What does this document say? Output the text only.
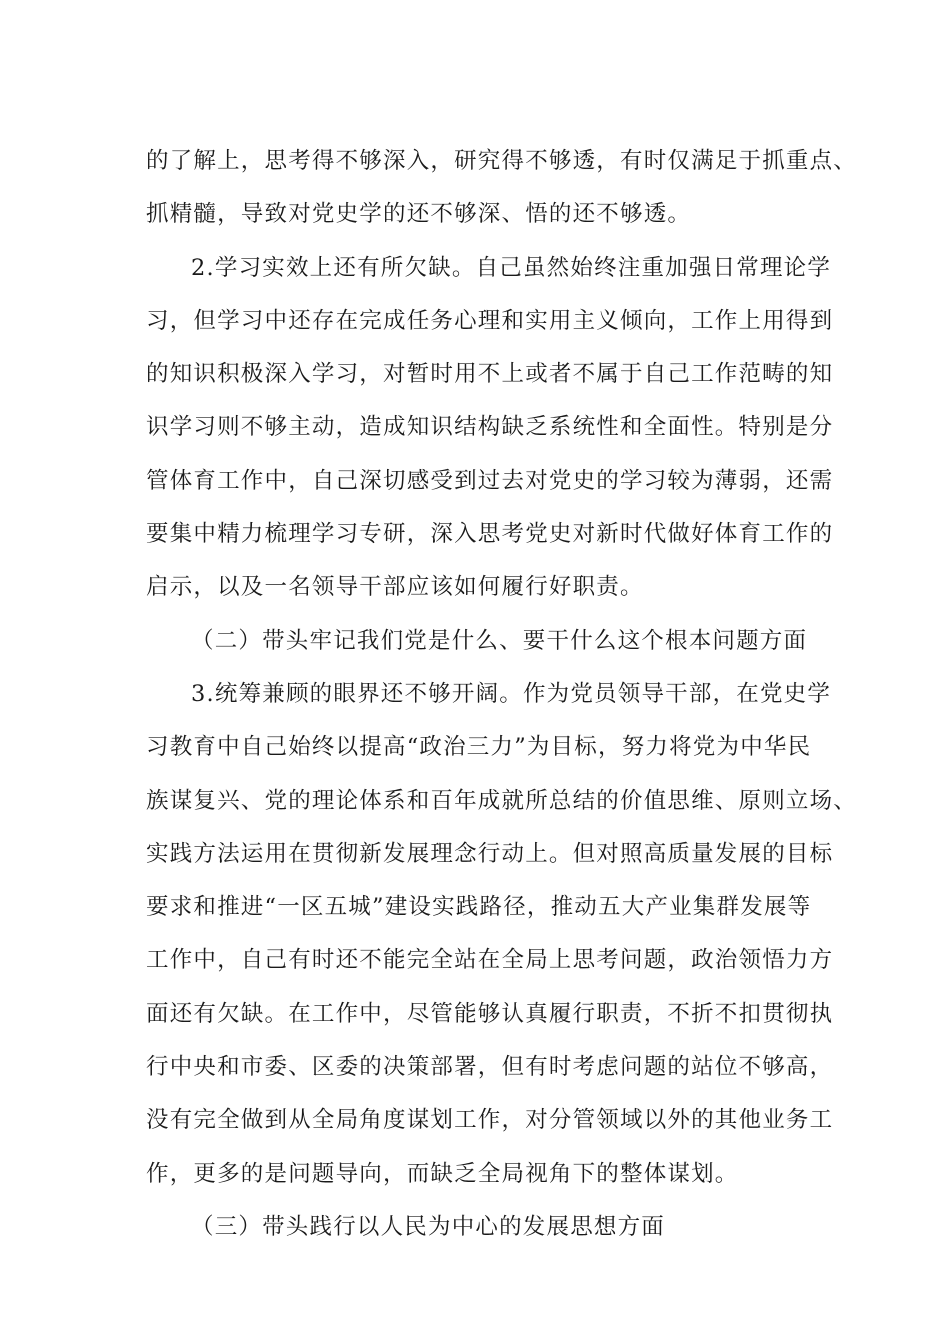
的了解上，思考得不够深入，研究得不够透，有时仅满足于抓重点、
抓精髓，导致对党史学的还不够深、悟的还不够透。
2.学习实效上还有所欠缺。自己虽然始终注重加强日常理论学
习，但学习中还存在完成任务心理和实用主义倾向，工作上用得到
的知识积极深入学习，对暂时用不上或者不属于自己工作范畴的知
识学习则不够主动，造成知识结构缺乏系统性和全面性。特别是分
管体育工作中，自己深切感受到过去对党史的学习较为薄弱，还需
要集中精力梳理学习专研，深入思考党史对新时代做好体育工作的
启示，以及一名领导干部应该如何履行好职责。
（二）带头牢记我们党是什么、要干什么这个根本问题方面
3.统筹兼顾的眼界还不够开阔。作为党员领导干部，在党史学
习教育中自己始终以提高“政治三力”为目标，努力将党为中华民
族谋复兴、党的理论体系和百年成就所总结的价值思维、原则立场、
实践方法运用在贯彻新发展理念行动上。但对照高质量发展的目标
要求和推进“一区五城”建设实践路径，推动五大产业集群发展等
工作中，自己有时还不能完全站在全局上思考问题，政治领悟力方
面还有欠缺。在工作中，尽管能够认真履行职责，不折不扣贯彻执
行中央和市委、区委的决策部署，但有时考虑问题的站位不够高，
没有完全做到从全局角度谋划工作，对分管领域以外的其他业务工
作，更多的是问题导向，而缺乏全局视角下的整体谋划。
（三）带头践行以人民为中心的发展思想方面
